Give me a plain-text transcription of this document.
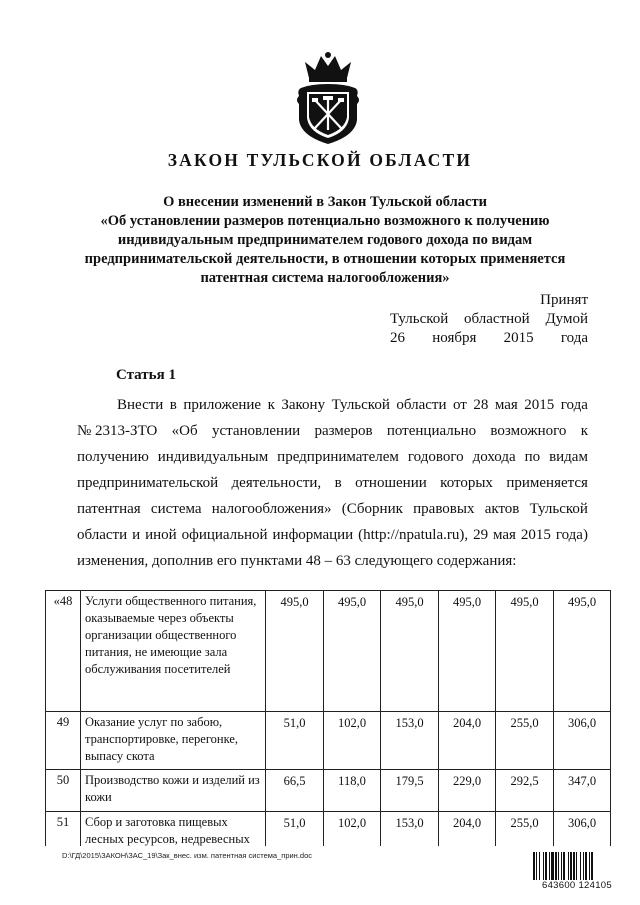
ЗАКОН ТУЛЬСКОЙ ОБЛАСТИ
О внесении изменений в Закон Тульской области
«Об установлении размеров потенциально возможного к получению
индивидуальным предпринимателем годового дохода по видам
предпринимательской деятельности, в отношении которых применяется
патентная система налогообложения»
Принят
Тульской областной Думой
26 ноября 2015 года
Статья 1
Внести в приложение к Закону Тульской области от 28 мая 2015 года
№ 2313-ЗТО «Об установлении размеров потенциально возможного к
получению индивидуальным предпринимателем годового дохода по видам
предпринимательской деятельности, в отношении которых применяется
патентная система налогообложения» (Сборник правовых актов Тульской
области и иной официальной информации (http://npatula.ru), 29 мая 2015 года)
изменения, дополнив его пунктами 48 – 63 следующего содержания:
«48	Услуги общественного питания, оказываемые через объекты организации общественного питания, не имеющие зала обслуживания посетителей	495,0	495,0	495,0	495,0	495,0	495,0
49	Оказание услуг по забою, транспортировке, перегонке, выпасу скота	51,0	102,0	153,0	204,0	255,0	306,0
50	Производство кожи и изделий из кожи	66,5	118,0	179,5	229,0	292,5	347,0
51	Сбор и заготовка пищевых лесных ресурсов, недревесных	51,0	102,0	153,0	204,0	255,0	306,0
D:\ГД\2015\ЗАКОН\ЗАС_19\Зак_внес. изм. патентная система_прин.doc
643600 124105
